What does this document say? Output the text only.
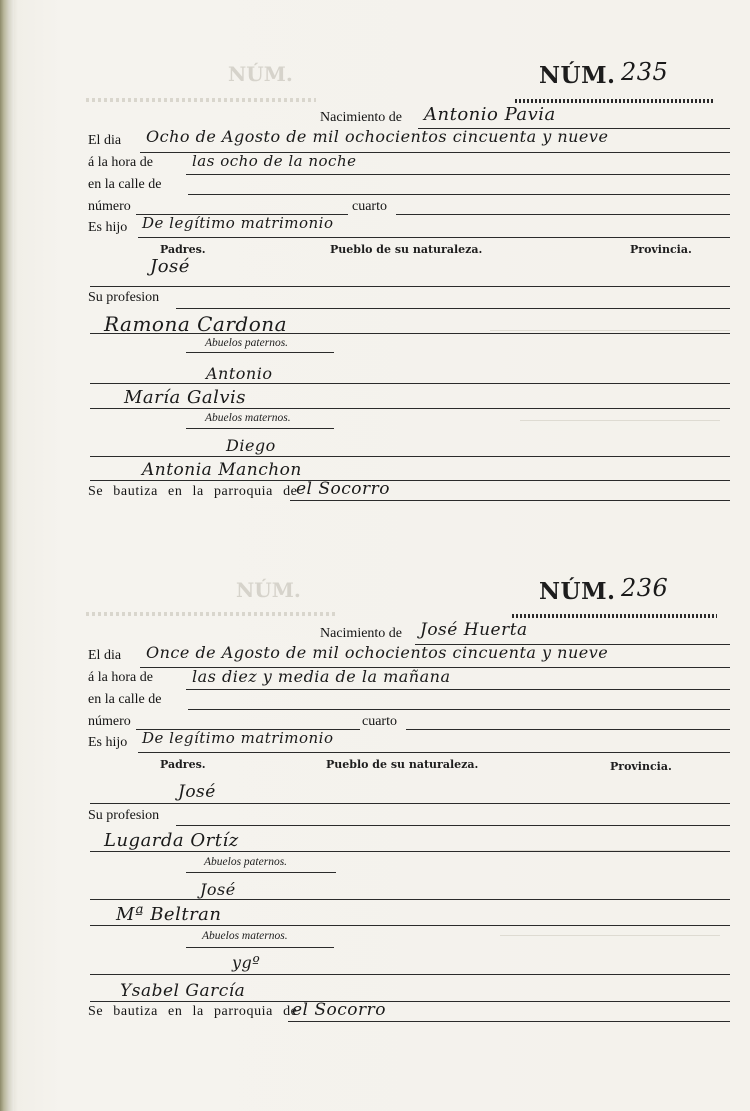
NÚM.
NÚM.
NÚM. 235
Nacimiento de Antonio Pavia
El dia Ocho de Agosto de mil ochocientos cincuenta y nueve
á la hora de	las ocho de la noche
en la calle de
número	cuarto
Es hijo De legítimo matrimonio
Padres.	Pueblo de su naturaleza.	Provincia.
José
Su profesion
Ramona Cardona
Abuelos paternos.
Antonio
María Galvis
Abuelos maternos.
Diego
Antonia Manchon
Se bautiza en la parroquia de
el Socorro
NÚM. 236
Nacimiento de José Huerta
El dia Once de Agosto de mil ochocientos cincuenta y nueve
á la hora de las diez y media de la mañana
en la calle de
número	cuarto
Es hijo De legítimo matrimonio
Padres.	Pueblo de su naturaleza.	Provincia.
José
Su profesion
Lugarda Ortíz
Abuelos paternos.
José
Mª Beltran
Abuelos maternos.
ygº
Ysabel García
Se bautiza en la parroquia de
el Socorro
